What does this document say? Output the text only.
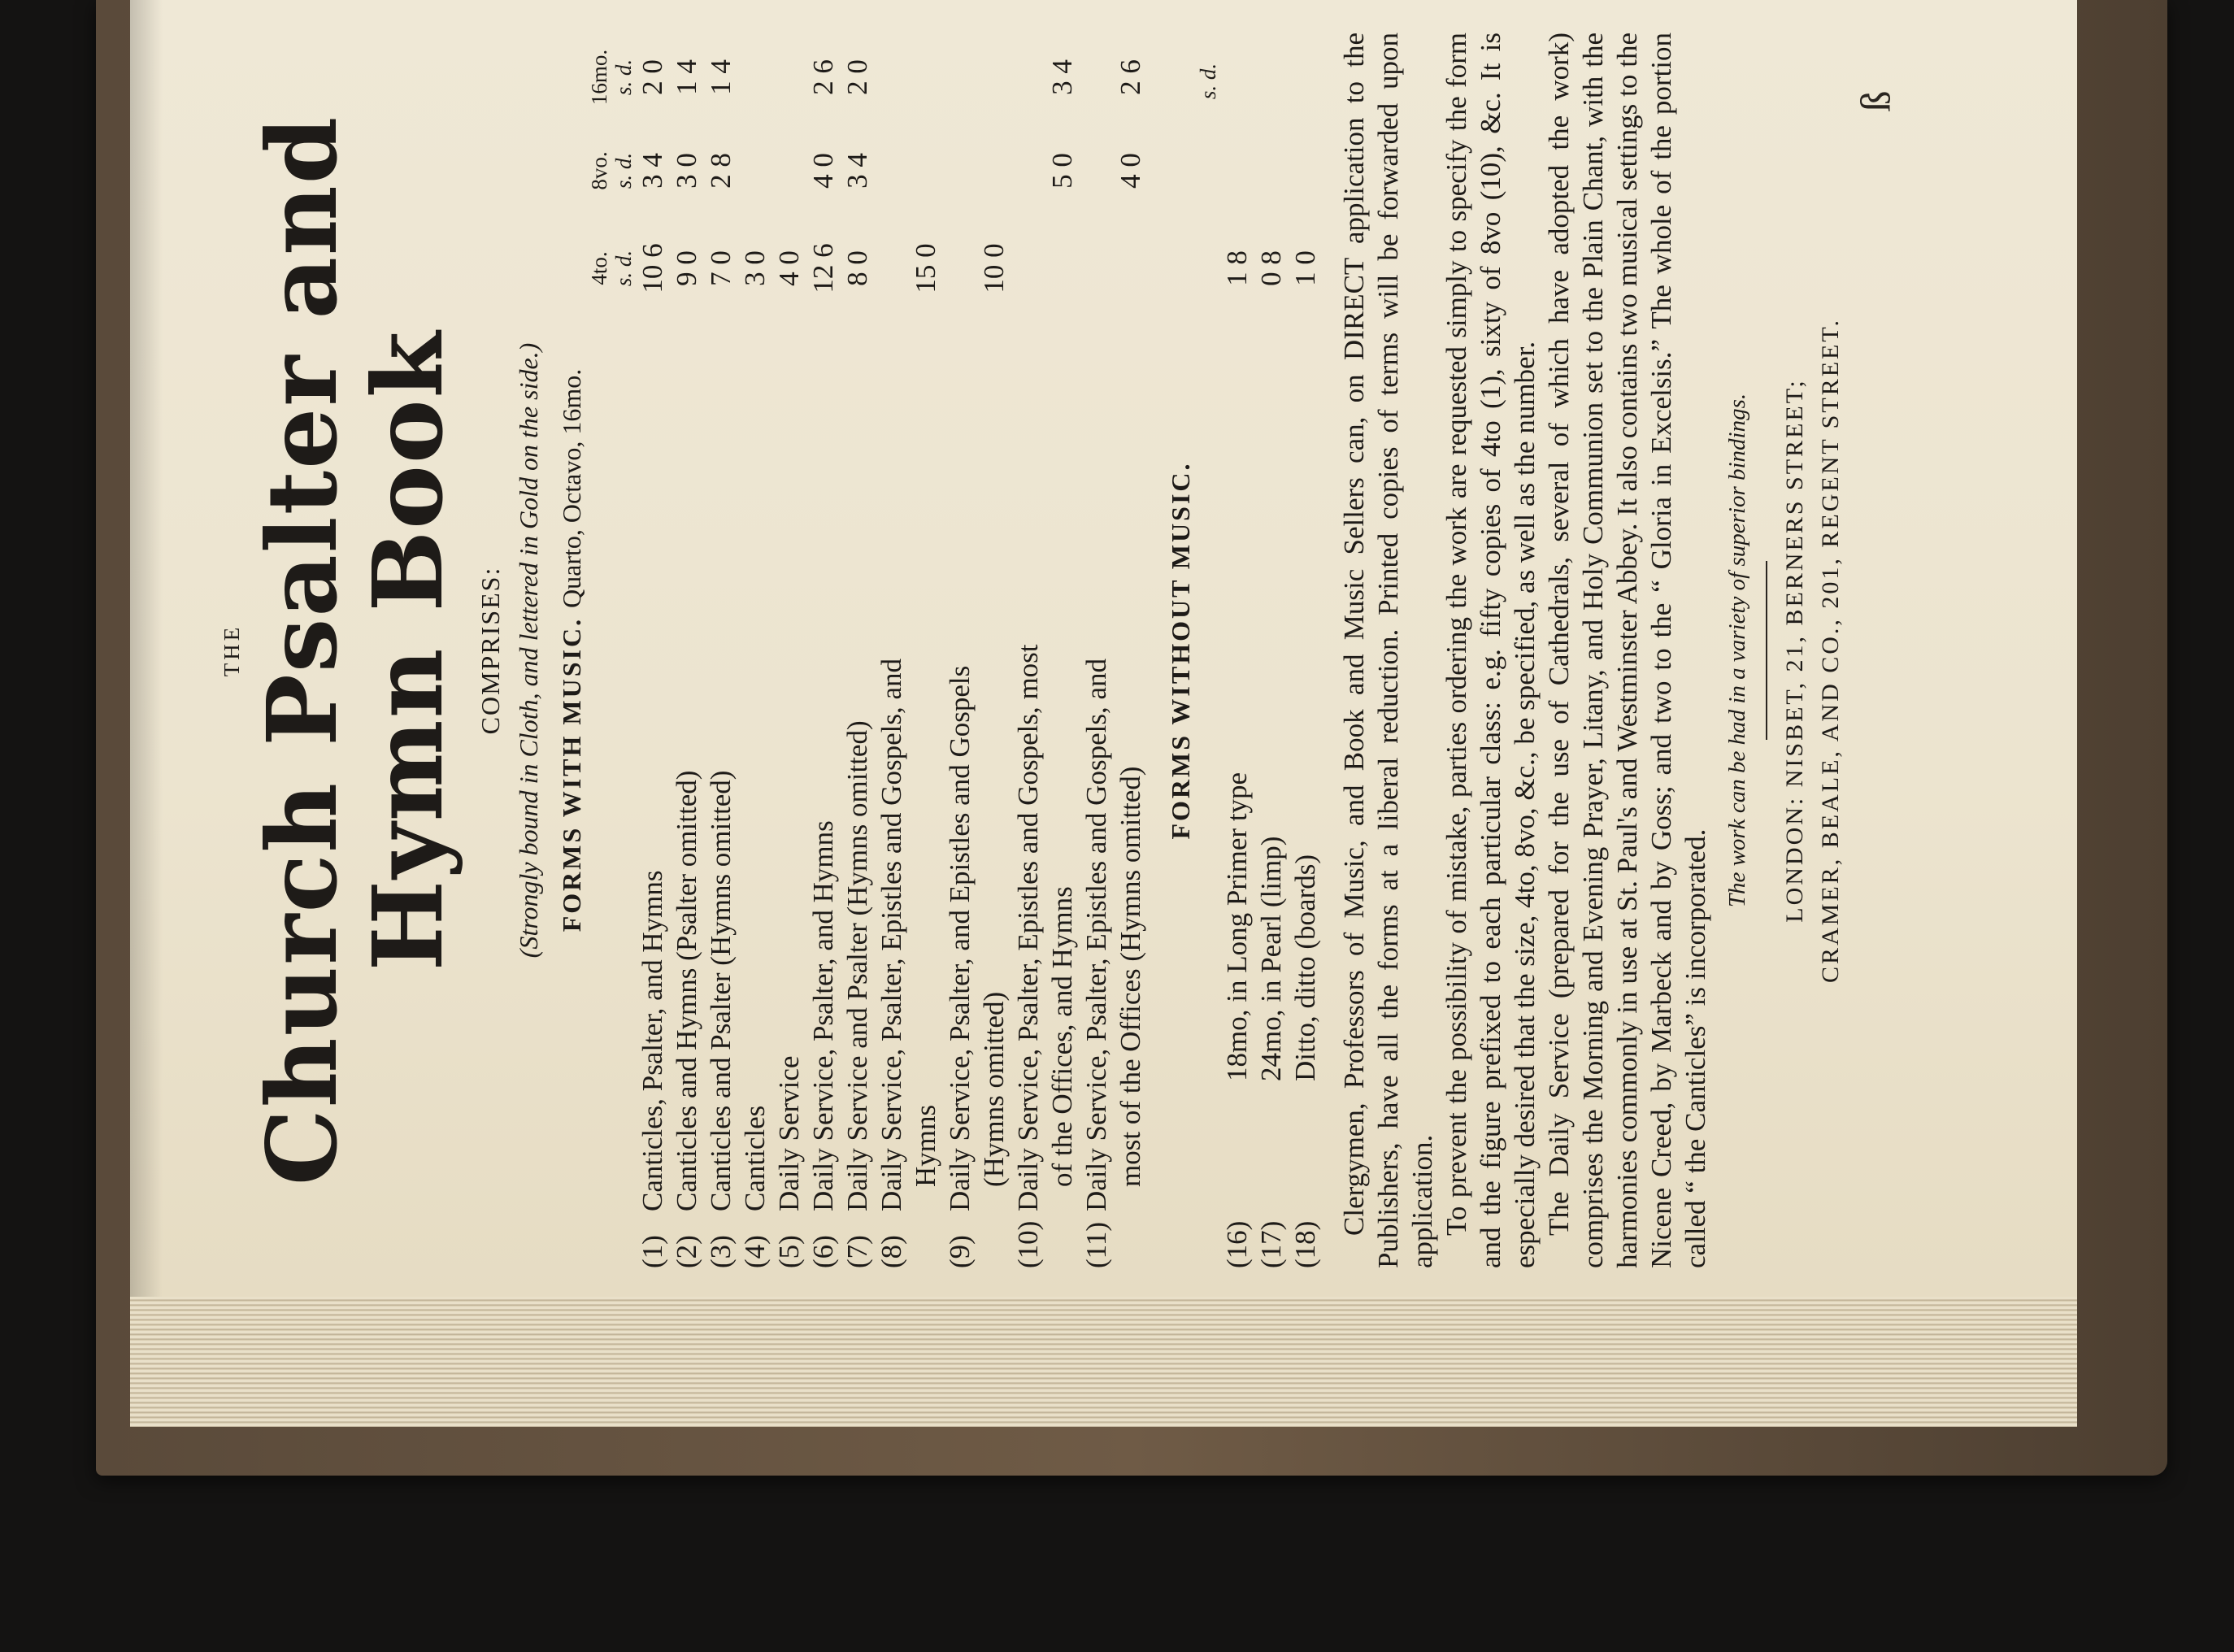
ß
THE Church Psalter and Hymn Book COMPRISES: (Strongly bound in Cloth, and lettered in Gold on the side.) FORMS WITH MUSIC. Quarto, Octavo, 16mo.
4to.
8vo.
16mo.
s. d.
s. d.
s. d.
(1)
Canticles, Psalter, and Hymns
10 6
3 4
2 0
(2)
Canticles and Hymns (Psalter omitted)
9 0
3 0
1 4
(3)
Canticles and Psalter (Hymns omitted)
7 0
2 8
1 4
(4)
Canticles
3 0
(5)
Daily Service
4 0
(6)
Daily Service, Psalter, and Hymns
12 6
4 0
2 6
(7)
Daily Service and Psalter (Hymns omitted)
8 0
3 4
2 0
(8)
Daily Service, Psalter, Epistles and Gospels, and Hymns
15 0
(9)
Daily Service, Psalter, and Epistles and Gospels (Hymns omitted)
10 0
(10)
Daily Service, Psalter, Epistles and Gospels, most of the Offices, and Hymns
5 0
3 4
(11)
Daily Service, Psalter, Epistles and Gospels, and most of the Offices (Hymns omitted)
4 0
2 6
FORMS WITHOUT MUSIC.
s. d.
(16)
18mo, in Long Primer type
1 8
(17)
24mo, in Pearl (limp)
0 8
(18)
Ditto, ditto (boards)
1 0 Clergymen, Professors of Music, and Book and Music Sellers can, on DIRECT application to the Publishers, have all the forms at a liberal reduction. Printed copies of terms will be forwarded upon application. To prevent the possibility of mistake, parties ordering the work are requested simply to specify the form and the figure prefixed to each particular class: e.g. fifty copies of 4to (1), sixty of 8vo (10), &c. It is especially desired that the size, 4to, 8vo, &c., be specified, as well as the number. The Daily Service (prepared for the use of Cathedrals, several of which have adopted the work) comprises the Morning and Evening Prayer, Litany, and Holy Communion set to the Plain Chant, with the harmonies commonly in use at St. Paul's and Westminster Abbey. It also contains two musical settings to the Nicene Creed, by Marbeck and by Goss; and two to the “ Gloria in Excelsis.” The whole of the portion called “ the Canticles” is incorporated.

The work can be had in a variety of superior bindings. LONDON: NISBET, 21, BERNERS STREET; CRAMER, BEALE, AND CO., 201, REGENT STREET.
